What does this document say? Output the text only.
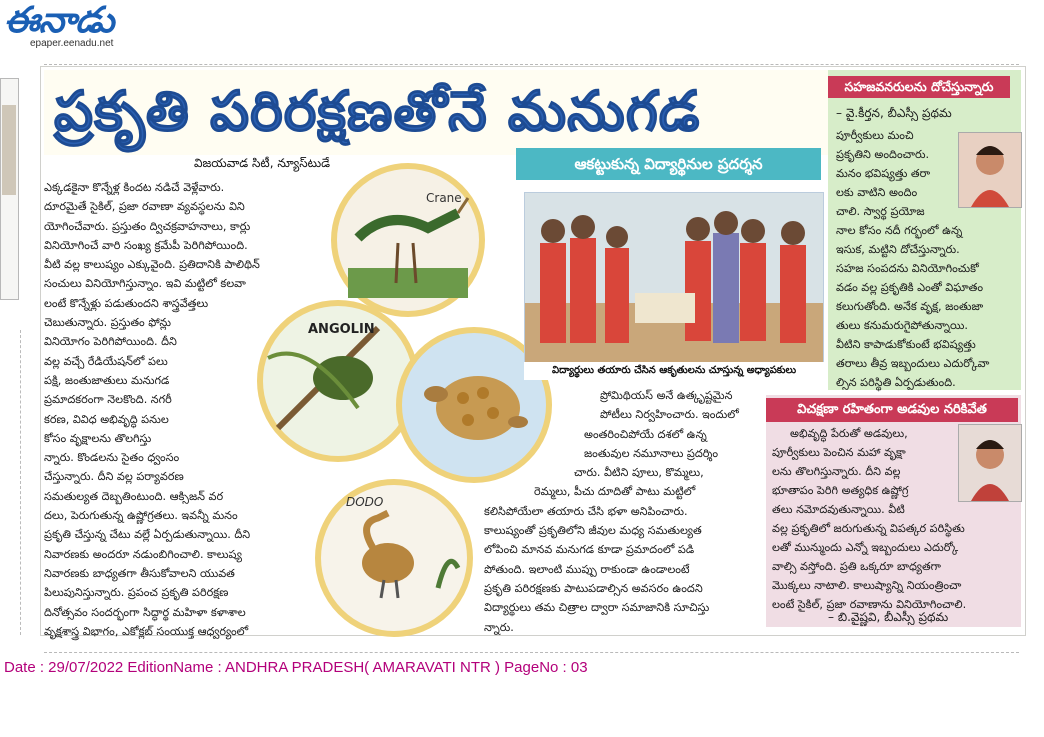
ఈనాడు
epaper.eenadu.net
ప్రకృతి పరిరక్షణతోనే మనుగడ
విజయవాడ సిటీ, న్యూస్‌టుడే	ఆకట్టుకున్న విద్యార్థినుల ప్రదర్శన

ఎక్కడకైనా కొన్నేళ్ల కిందట నడిచే వెళ్లేవారు.

దూరమైతే సైకిల్, ప్రజా రవాణా వ్యవస్థలను విని

యోగించేవారు. ప్రస్తుతం ద్విచక్రవాహనాలు, కార్లు

వినియోగించే వారి సంఖ్య క్రమేపీ పెరిగిపోయింది.

వీటి వల్ల కాలుష్యం ఎక్కువైంది. ప్రతిదానికి పాలిథిన్

సంచులు వినియోగిస్తున్నాం. ఇవి మట్టిలో కలవా

లంటే కొన్నేళ్లు పడుతుందని శాస్త్రవేత్తలు

చెబుతున్నారు. ప్రస్తుతం ఫోన్లు

వినియోగం పెరిగిపోయింది. దీని

వల్ల వచ్చే రేడియేషన్‌లో పలు

పక్షి, జంతుజాతులు మనుగడ

ప్రమాదకరంగా నెలకొంది. నగరీ

కరణ, వివిధ అభివృద్ధి పనుల

కోసం వృక్షాలను తొలగిస్తు

న్నారు. కొండలను సైతం ధ్వంసం

చేస్తున్నారు. దీని వల్ల పర్యావరణ

సమతుల్యత దెబ్బతింటుంది. ఆక్సిజన్ వర

దలు, పెరుగుతున్న ఉష్ణోగ్రతలు. ఇవన్నీ మనం

ప్రకృతి చేస్తున్న చేటు వల్లే ఏర్పడుతున్నాయి. దీని

నివారణకు అందరూ నడుంబిగించాలి. కాలుష్య

నివారణకు బాధ్యతగా తీసుకోవాలని యువత

పిలుపునిస్తున్నారు. ప్రపంచ ప్రకృతి పరిరక్షణ

దినోత్సవం సందర్భంగా సిద్ధార్థ మహిళా కళాశాల

వృక్షశాస్త్ర విభాగం, ఎకోక్లబ్ సంయుక్త ఆధ్వర్యంలో

Crane
ANGOLIN
DODO
విద్యార్థులు తయారు చేసిన ఆకృతులను చూస్తున్న అధ్యాపకులు
ప్రోమిథియస్ అనే ఉత్కృష్టమైన
పోటీలు నిర్వహించారు. ఇందులో
అంతరించిపోయే దశలో ఉన్న
జంతువుల నమూనాలు ప్రదర్శిం
చారు. వీటిని పూలు, కొమ్మలు,
రెమ్మలు, పీచు దూదితో పాటు మట్టిలో
కలిసిపోయేలా తయారు చేసి భళా అనిపించారు.
కాలుష్యంతో ప్రకృతిలోని జీవుల మధ్య సమతుల్యత
లోపించి మానవ మనుగడ కూడా ప్రమాదంలో పడి
పోతుంది. ఇలాంటి ముప్పు రాకుండా ఉండాలంటే
ప్రకృతి పరిరక్షణకు పాటుపడాల్సిన అవసరం ఉందని
విద్యార్థులు తమ చిత్రాల ద్వారా సమాజానికి సూచిస్తు
న్నారు.
సహజవనరులను దోచేస్తున్నారు
– వై.కీర్తన, బీఎస్సీ ప్రథమ
పూర్వీకులు మంచి
ప్రకృతిని అందించారు.
మనం భవిష్యత్తు తరా
లకు వాటిని అందిం
చాలి. స్వార్థ ప్రయోజ
నాల కోసం నదీ గర్భంలో ఉన్న
ఇసుక, మట్టిని దోచేస్తున్నారు.
సహజ సంపదను వినియోగించుకో
వడం వల్ల ప్రకృతికి ఎంతో విఘాతం
కలుగుతోంది. అనేక వృక్ష, జంతుజా
తులు కనుమరుగైపోతున్నాయి.
వీటిని కాపాడుకోకుంటే భవిష్యత్తు
తరాలు తీవ్ర ఇబ్బందులు ఎదుర్కోవా
ల్సిన పరిస్థితి ఏర్పడుతుంది.
విచక్షణా రహితంగా అడవుల నరికివేత
అభివృద్ధి పేరుతో అడవులు,
పూర్వీకులు పెంచిన మహా వృక్షా
లను తొలగిస్తున్నారు. దీని వల్ల
భూతాపం పెరిగి అత్యధిక ఉష్ణోగ్ర
తలు నమోదవుతున్నాయి. వీటి
వల్ల ప్రకృతిలో జరుగుతున్న విపత్కర పరిస్థితు
లతో మున్ముందు ఎన్నో ఇబ్బందులు ఎదుర్కో
వాల్సి వస్తోంది. ప్రతి ఒక్కరూ బాధ్యతగా
మొక్కలు నాటాలి. కాలుష్యాన్ని నియంత్రించా
లంటే సైకిల్, ప్రజా రవాణాను వినియోగించాలి.
– బి.వైష్ణవి, బీఎస్సీ ప్రథమ
Date : 29/07/2022 EditionName : ANDHRA PRADESH( AMARAVATI NTR ) PageNo : 03
